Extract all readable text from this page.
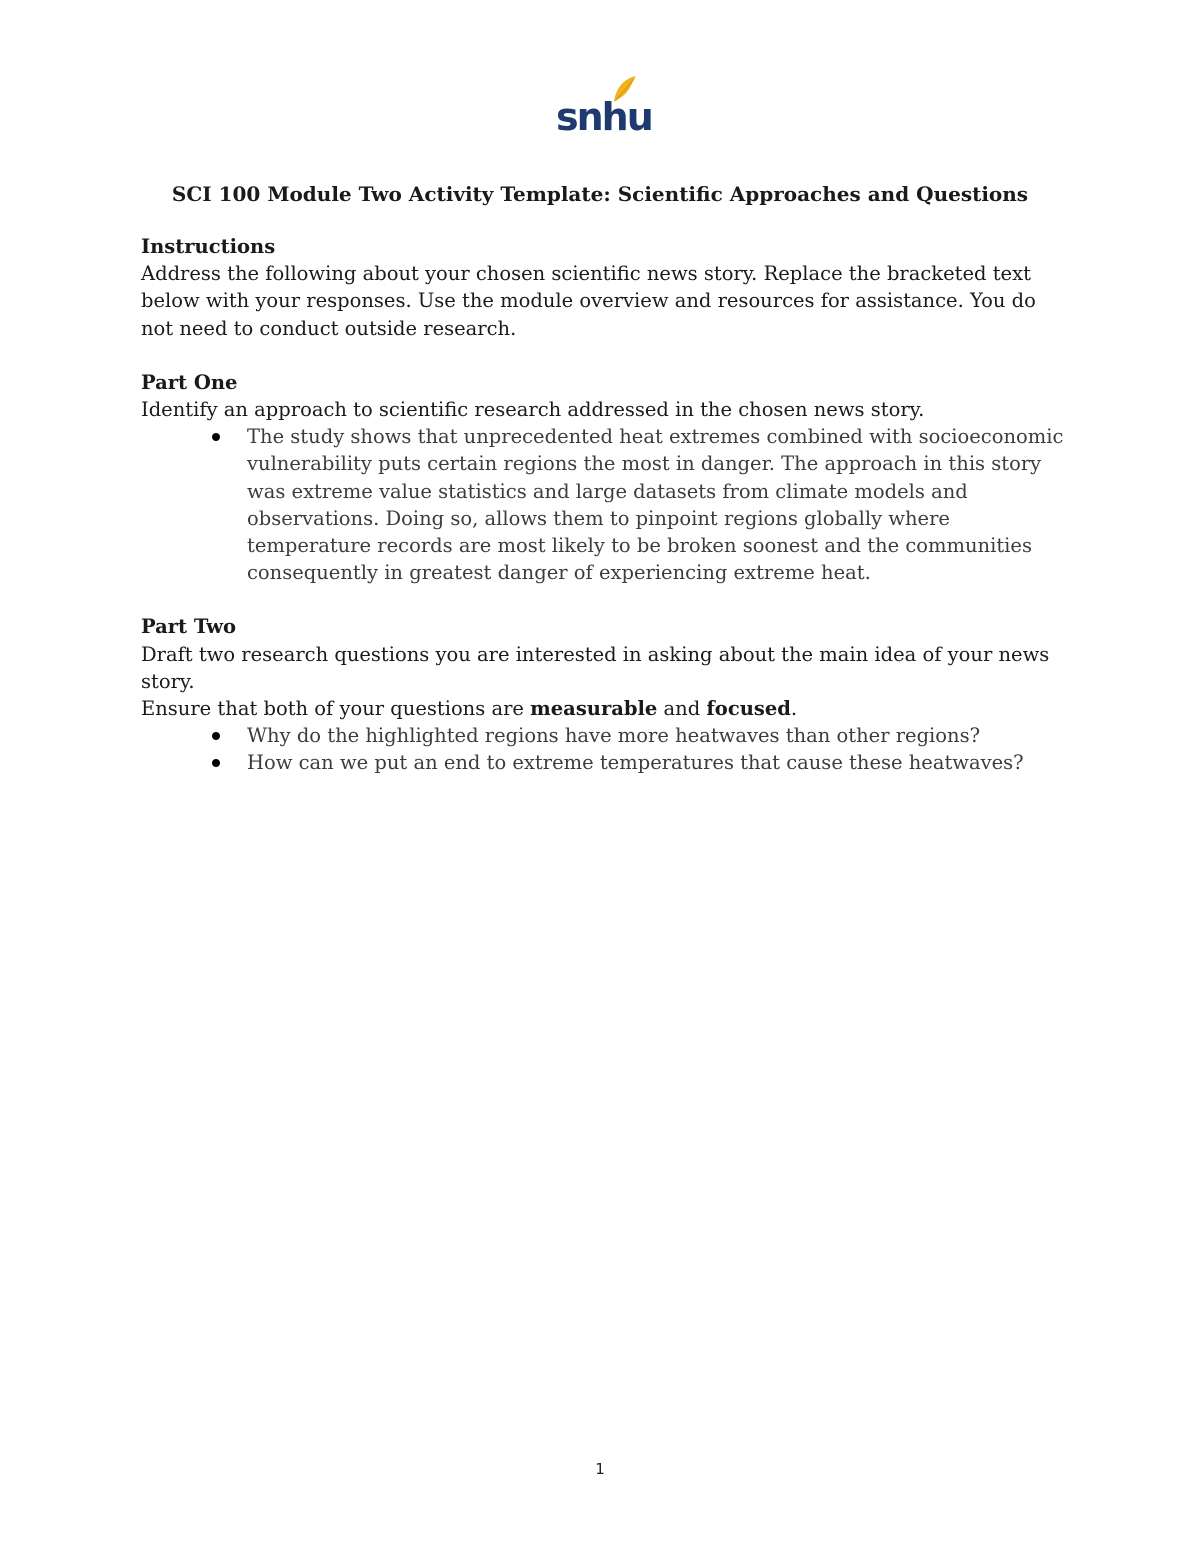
snhu
SCI 100 Module Two Activity Template: Scientific Approaches and Questions

Instructions

Address the following about your chosen scientific news story. Replace the bracketed text below with your responses. Use the module overview and resources for assistance. You do not need to conduct outside research.

Part One

Identify an approach to scientific research addressed in the chosen news story.

The study shows that unprecedented heat extremes combined with socioeconomic vulnerability puts certain regions the most in danger. The approach in this story was extreme value statistics and large datasets from climate models and observations. Doing so, allows them to pinpoint regions globally where temperature records are most likely to be broken soonest and the communities consequently in greatest danger of experiencing extreme heat.

Part Two

Draft two research questions you are interested in asking about the main idea of your news story.

Ensure that both of your questions are measurable and focused.

Why do the highlighted regions have more heatwaves than other regions?
How can we put an end to extreme temperatures that cause these heatwaves?
1
